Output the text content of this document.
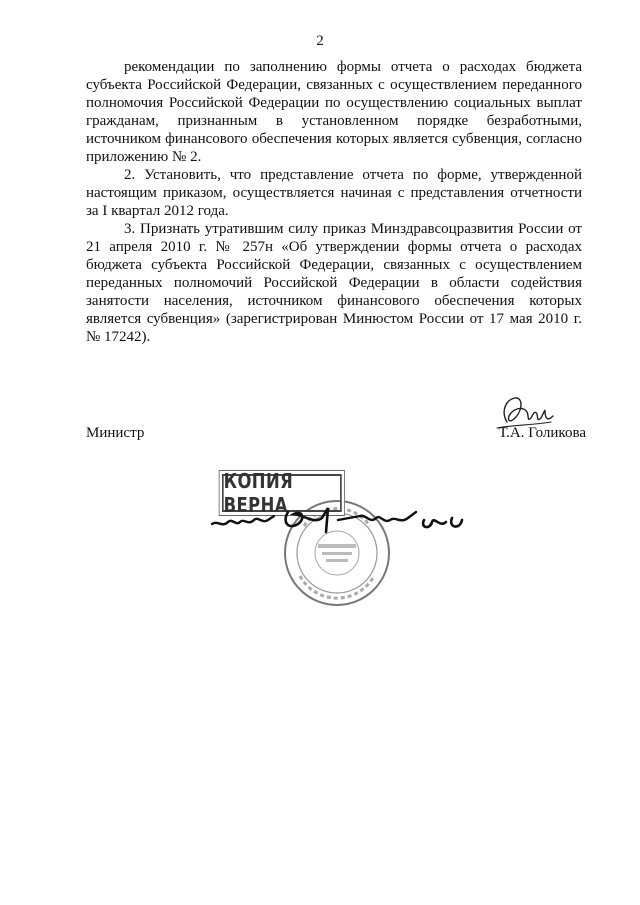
2

рекомендации по заполнению формы отчета о расходах бюджета субъекта Российской Федерации, связанных с осуществлением переданного полномочия Российской Федерации по осуществлению социальных выплат гражданам, признанным в установленном порядке безработными, источником финансового обеспечения которых является субвенция, согласно приложению № 2.

2. Установить, что представление отчета по форме, утвержденной настоящим приказом, осуществляется начиная с представления отчетности за I квартал 2012 года.

3. Признать утратившим силу приказ Минздравсоцразвития России от 21 апреля 2010 г. № 257н «Об утверждении формы отчета о расходах бюджета субъекта Российской Федерации, связанных с осуществлением переданных полномочий Российской Федерации в области содействия занятости населения, источником финансового обеспечения которых является субвенция» (зарегистрирован Минюстом России от 17 мая 2010 г. № 17242).

Министр	Т.А. Голикова
КОПИЯ ВЕРНА
